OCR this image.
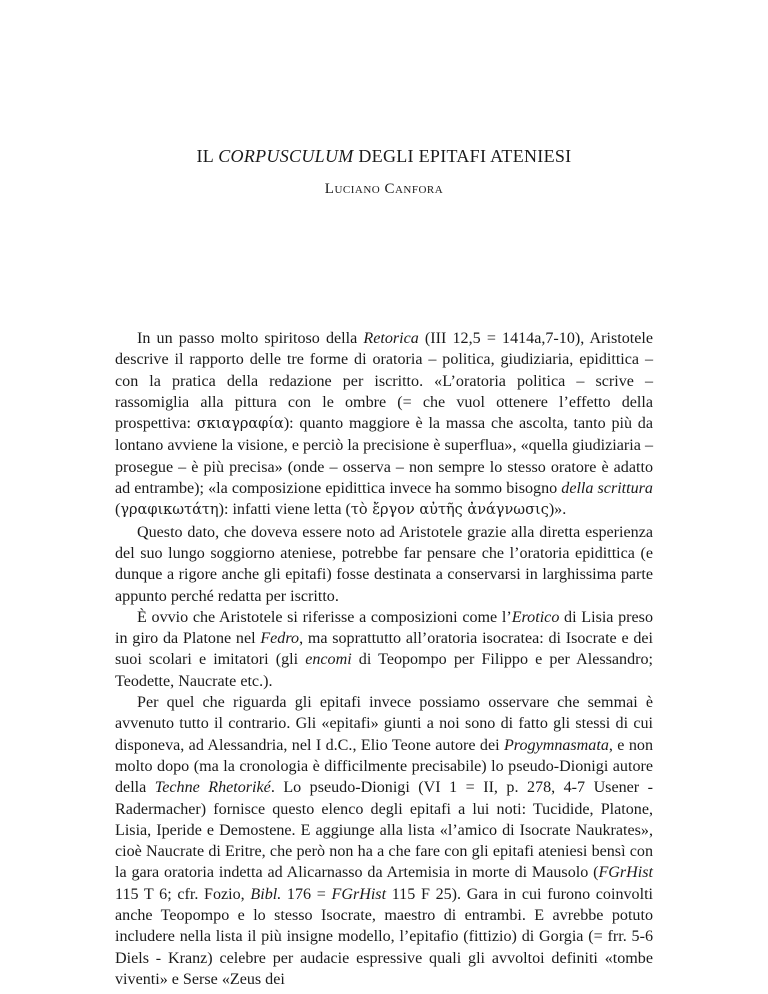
IL CORPUSCULUM DEGLI EPITAFI ATENIESI
Luciano Canfora

In un passo molto spiritoso della Retorica (III 12,5 = 1414a,7-10), Aristotele descrive il rapporto delle tre forme di oratoria – politica, giudiziaria, epidittica – con la pratica della redazione per iscritto. «L’oratoria politica – scrive – rassomiglia alla pittura con le ombre (= che vuol ottenere l’effetto della prospettiva: σκιαγραφία): quanto maggiore è la massa che ascolta, tanto più da lontano avviene la visione, e perciò la precisione è superflua», «quella giudiziaria – prosegue – è più precisa» (onde – osserva – non sempre lo stesso oratore è adatto ad entrambe); «la composizione epidittica invece ha sommo bisogno della scrittura (γραφικωτάτη): infatti viene letta (τὸ ἔργον αὐτῆς ἀνάγνωσις)».

Questo dato, che doveva essere noto ad Aristotele grazie alla diretta esperienza del suo lungo soggiorno ateniese, potrebbe far pensare che l’oratoria epidittica (e dunque a rigore anche gli epitafi) fosse destinata a conservarsi in larghissima parte appunto perché redatta per iscritto.

È ovvio che Aristotele si riferisse a composizioni come l’Erotico di Lisia preso in giro da Platone nel Fedro, ma soprattutto all’oratoria isocratea: di Isocrate e dei suoi scolari e imitatori (gli encomi di Teopompo per Filippo e per Alessandro; Teodette, Naucrate etc.).

Per quel che riguarda gli epitafi invece possiamo osservare che semmai è avvenuto tutto il contrario. Gli «epitafi» giunti a noi sono di fatto gli stessi di cui disponeva, ad Alessandria, nel I d.C., Elio Teone autore dei Progymnasmata, e non molto dopo (ma la cronologia è difficilmente precisabile) lo pseudo-Dionigi autore della Techne Rhetoriké. Lo pseudo-Dionigi (VI 1 = II, p. 278, 4-7 Usener - Radermacher) fornisce questo elenco degli epitafi a lui noti: Tucidide, Platone, Lisia, Iperide e Demostene. E aggiunge alla lista «l’amico di Isocrate Naukrates», cioè Naucrate di Eritre, che però non ha a che fare con gli epitafi ateniesi bensì con la gara oratoria indetta ad Alicarnasso da Artemisia in morte di Mausolo (FGrHist 115 T 6; cfr. Fozio, Bibl. 176 = FGrHist 115 F 25). Gara in cui furono coinvolti anche Teopompo e lo stesso Isocrate, maestro di entrambi. E avrebbe potuto includere nella lista il più insigne modello, l’epitafio (fittizio) di Gorgia (= frr. 5-6 Diels - Kranz) celebre per audacie espressive quali gli avvoltoi definiti «tombe viventi» e Serse «Zeus dei
